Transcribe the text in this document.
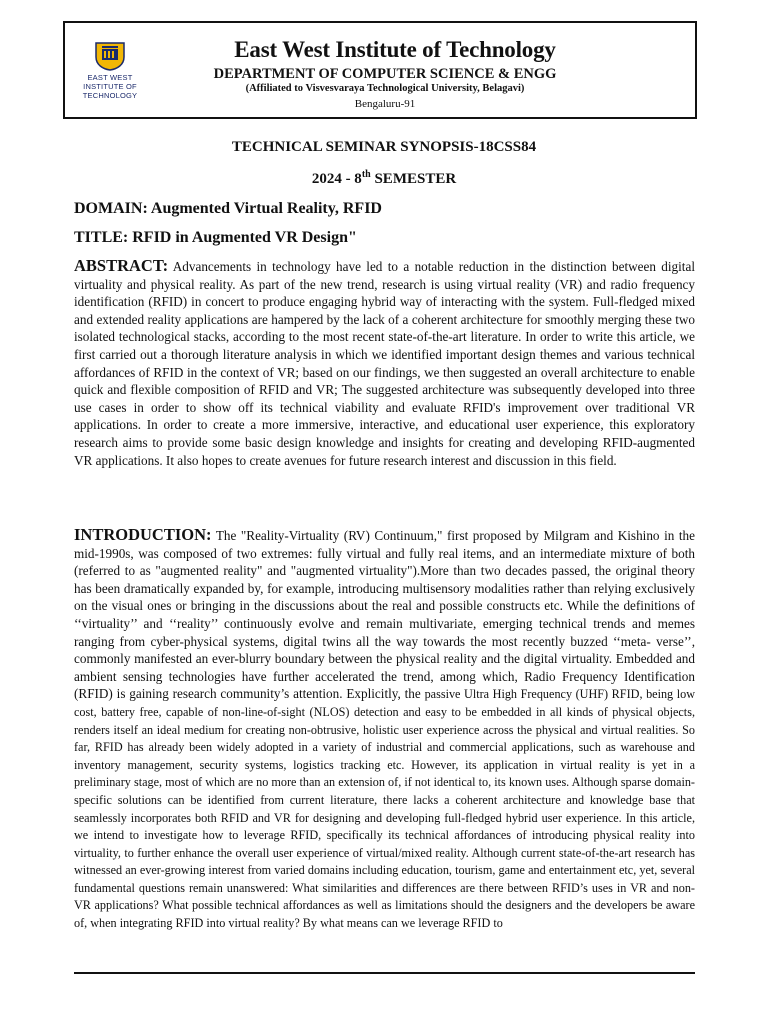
EAST WEST
INSTITUTE OF
TECHNOLOGY
East West Institute of Technology
DEPARTMENT OF COMPUTER SCIENCE & ENGG
(Affiliated to Visvesvaraya Technological University, Belagavi)
Bengaluru-91
TECHNICAL SEMINAR SYNOPSIS-18CSS84
2024 - 8th SEMESTER
DOMAIN: Augmented Virtual Reality, RFID
TITLE: RFID in Augmented VR Design"
ABSTRACT: Advancements in technology have led to a notable reduction in the distinction between digital virtuality and physical reality. As part of the new trend, research is using virtual reality (VR) and radio frequency identification (RFID) in concert to produce engaging hybrid way of interacting with the system. Full-fledged mixed and extended reality applications are hampered by the lack of a coherent architecture for smoothly merging these two isolated technological stacks, according to the most recent state-of-the-art literature. In order to write this article, we first carried out a thorough literature analysis in which we identified important design themes and various technical affordances of RFID in the context of VR; based on our findings, we then suggested an overall architecture to enable quick and flexible composition of RFID and VR; The suggested architecture was subsequently developed into three use cases in order to show off its technical viability and evaluate RFID's improvement over traditional VR applications. In order to create a more immersive, interactive, and educational user experience, this exploratory research aims to provide some basic design knowledge and insights for creating and developing RFID-augmented VR applications. It also hopes to create avenues for future research interest and discussion in this field.
INTRODUCTION: The "Reality-Virtuality (RV) Continuum," first proposed by Milgram and Kishino in the mid-1990s, was composed of two extremes: fully virtual and fully real items, and an intermediate mixture of both (referred to as "augmented reality" and "augmented virtuality").More than two decades passed, the original theory has been dramatically expanded by, for example, introducing multisensory modalities rather than relying exclusively on the visual ones or bringing in the discussions about the real and possible constructs etc. While the definitions of ‘‘virtuality’’ and ‘‘reality’’ continuously evolve and remain multivariate, emerging technical trends and memes ranging from cyber-physical systems, digital twins all the way towards the most recently buzzed ‘‘meta- verse’’, commonly manifested an ever-blurry boundary between the physical reality and the digital virtuality. Embedded and ambient sensing technologies have further accelerated the trend, among which, Radio Frequency Identification (RFID) is gaining research community’s attention. Explicitly, the passive Ultra High Frequency (UHF) RFID, being low cost, battery free, capable of non-line-of-sight (NLOS) detection and easy to be embedded in all kinds of physical objects, renders itself an ideal medium for creating non-obtrusive, holistic user experience across the physical and virtual realities. So far, RFID has already been widely adopted in a variety of industrial and commercial applications, such as warehouse and inventory management, security systems, logistics tracking etc. However, its application in virtual reality is yet in a preliminary stage, most of which are no more than an extension of, if not identical to, its known uses. Although sparse domain-specific solutions can be identified from current literature, there lacks a coherent architecture and knowledge base that seamlessly incorporates both RFID and VR for designing and developing full-fledged hybrid user experience. In this article, we intend to investigate how to leverage RFID, specifically its technical affordances of introducing physical reality into virtuality, to further enhance the overall user experience of virtual/mixed reality. Although current state-of-the-art research has witnessed an ever-growing interest from varied domains including education, tourism, game and entertainment etc, yet, several fundamental questions remain unanswered: What similarities and differences are there between RFID’s uses in VR and non-VR applications? What possible technical affordances as well as limitations should the designers and the developers be aware of, when integrating RFID into virtual reality? By what means can we leverage RFID to
